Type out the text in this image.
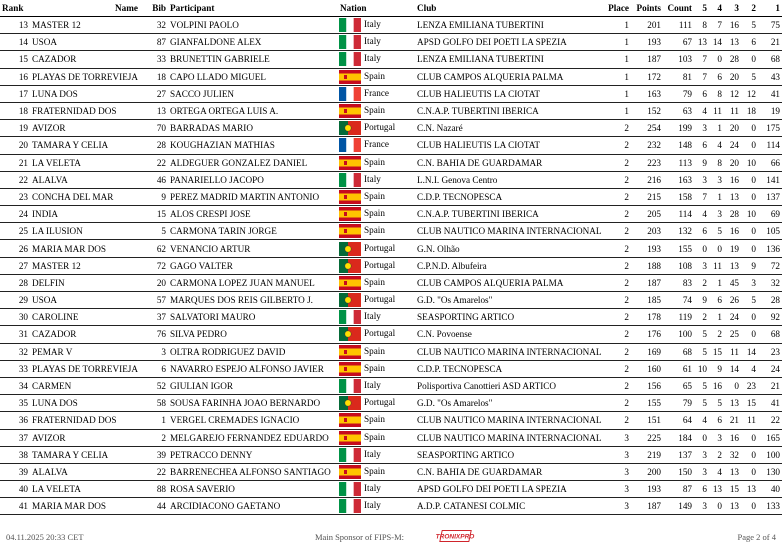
Rank	Name	Bib	Participant	Nation	Club	Place	Points	Count	5	4	3	2	1
13	MASTER 12	32	VOLPINI PAOLO	Italy	LENZA EMILIANA TUBERTINI	1	201	111	8	7	16	5	75
14	USOA	87	GIANFALDONE ALEX	Italy	APSD GOLFO DEI POETI LA SPEZIA	1	193	67	13	14	13	6	21
15	CAZADOR	33	BRUNETTIN GABRIELE	Italy	LENZA EMILIANA TUBERTINI	1	187	103	7	0	28	0	68
16	PLAYAS DE TORREVIEJA	18	CAPO LLADO MIGUEL	Spain	CLUB CAMPOS ALQUERIA PALMA	1	172	81	7	6	20	5	43
17	LUNA DOS	27	SACCO JULIEN	France	CLUB HALIEUTIS LA CIOTAT	1	163	79	6	8	12	12	41
18	FRATERNIDAD DOS	13	ORTEGA ORTEGA LUIS A.	Spain	C.N.A.P. TUBERTINI IBERICA	1	152	63	4	11	11	18	19
19	AVIZOR	70	BARRADAS MARIO	Portugal	C.N. Nazaré	2	254	199	3	1	20	0	175
20	TAMARA Y CELIA	28	KOUGHAZIAN MATHIAS	France	CLUB HALIEUTIS LA CIOTAT	2	232	148	6	4	24	0	114
21	LA VELETA	22	ALDEGUER GONZALEZ DANIEL	Spain	C.N. BAHIA DE GUARDAMAR	2	223	113	9	8	20	10	66
22	ALALVA	46	PANARIELLO JACOPO	Italy	L.N.I. Genova Centro	2	216	163	3	3	16	0	141
23	CONCHA DEL MAR	9	PEREZ MADRID MARTIN ANTONIO	Spain	C.D.P. TECNOPESCA	2	215	158	7	1	13	0	137
24	INDIA	15	ALOS CRESPI JOSE	Spain	C.N.A.P. TUBERTINI IBERICA	2	205	114	4	3	28	10	69
25	LA ILUSION	5	CARMONA TARIN JORGE	Spain	CLUB NAUTICO MARINA INTERNACIONAL	2	203	132	6	5	16	0	105
26	MARIA MAR DOS	62	VENANCIO ARTUR	Portugal	G.N. Olhão	2	193	155	0	0	19	0	136
27	MASTER 12	72	GAGO VALTER	Portugal	C.P.N.D. Albufeira	2	188	108	3	11	13	9	72
28	DELFIN	20	CARMONA LOPEZ JUAN MANUEL	Spain	CLUB CAMPOS ALQUERIA PALMA	2	187	83	2	1	45	3	32
29	USOA	57	MARQUES DOS REIS GILBERTO J.	Portugal	G.D. "Os Amarelos"	2	185	74	9	6	26	5	28
30	CAROLINE	37	SALVATORI MAURO	Italy	SEASPORTING ARTICO	2	178	119	2	1	24	0	92
31	CAZADOR	76	SILVA PEDRO	Portugal	C.N. Povoense	2	176	100	5	2	25	0	68
32	PEMAR V	3	OLTRA RODRIGUEZ DAVID	Spain	CLUB NAUTICO MARINA INTERNACIONAL	2	169	68	5	15	11	14	23
33	PLAYAS DE TORREVIEJA	6	NAVARRO ESPEJO ALFONSO JAVIER	Spain	C.D.P. TECNOPESCA	2	160	61	10	9	14	4	24
34	CARMEN	52	GIULIAN IGOR	Italy	Polisportiva Canottieri ASD ARTICO	2	156	65	5	16	0	23	21
35	LUNA DOS	58	SOUSA FARINHA JOAO BERNARDO	Portugal	G.D. "Os Amarelos"	2	155	79	5	5	13	15	41
36	FRATERNIDAD DOS	1	VERGEL CREMADES IGNACIO	Spain	CLUB NAUTICO MARINA INTERNACIONAL	2	151	64	4	6	21	11	22
37	AVIZOR	2	MELGAREJO FERNANDEZ EDUARDO	Spain	CLUB NAUTICO MARINA INTERNACIONAL	3	225	184	0	3	16	0	165
38	TAMARA Y CELIA	39	PETRACCO DENNY	Italy	SEASPORTING ARTICO	3	219	137	3	2	32	0	100
39	ALALVA	22	BARRENECHEA ALFONSO SANTIAGO	Spain	C.N. BAHIA DE GUARDAMAR	3	200	150	3	4	13	0	130
40	LA VELETA	88	ROSA SAVERIO	Italy	APSD GOLFO DEI POETI LA SPEZIA	3	193	87	6	13	15	13	40
41	MARIA MAR DOS	44	ARCIDIACONO GAETANO	Italy	A.D.P. CATANESI COLMIC	3	187	149	3	0	13	0	133
04.11.2025 20:33 CET	Main Sponsor of FIPS-M: TRONIXPRO	Page 2 of 4
